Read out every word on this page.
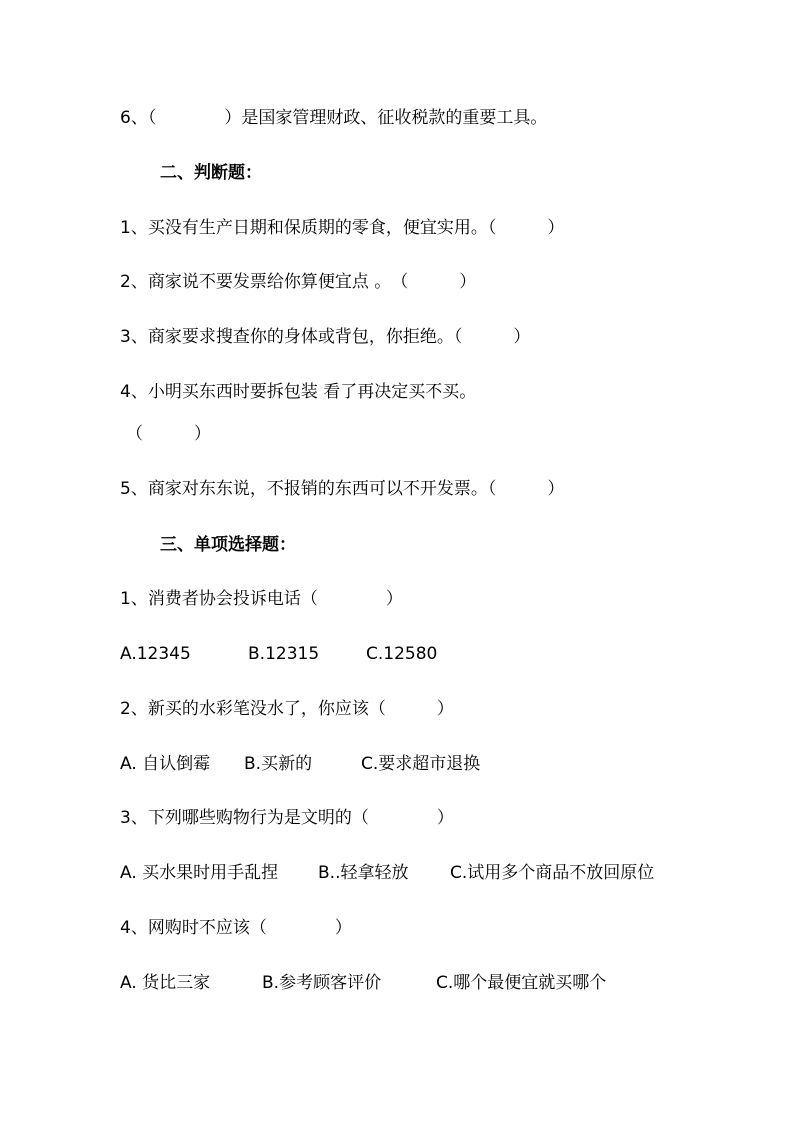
6、（　　　　）是国家管理财政、征收税款的重要工具。
二、判断题：
1、买没有生产日期和保质期的零食，便宜实用。（　　　）
2、商家说不要发票给你算便宜点 。　（　　　）
3、商家要求搜查你的身体或背包，你拒绝。（　　　）
4、小明买东西时要拆包装 看了再决定买不买。
（　　　）
5、商家对东东说，不报销的东西可以不开发票。（　　　）
三、单项选择题：
1、消费者协会投诉电话（　　　　）
A.12345	B.12315	C.12580
2、新买的水彩笔没水了，你应该（　　　）
A. 自认倒霉 B.买新的	C.要求超市退换
3、下列哪些购物行为是文明的（　　　　）
A. 买水果时用手乱捏 B..轻拿轻放 C.试用多个商品不放回原位
4、网购时不应该（　　　　）
A. 货比三家	B.参考顾客评价	C.哪个最便宜就买哪个
